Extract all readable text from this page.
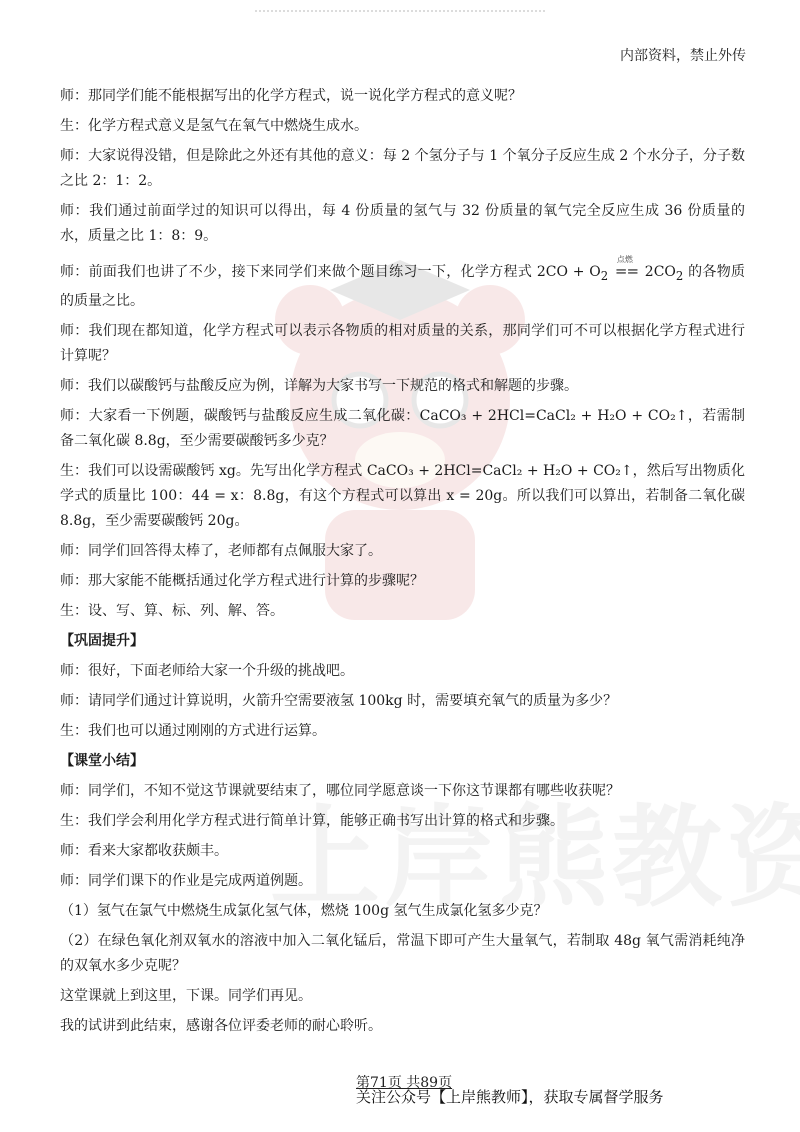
内部资料，禁止外传

师：那同学们能不能根据写出的化学方程式，说一说化学方程式的意义呢？

生：化学方程式意义是氢气在氧气中燃烧生成水。

师：大家说得没错，但是除此之外还有其他的意义：每 2 个氢分子与 1 个氧分子反应生成 2 个水分子，分子数之比 2：1：2。

师：我们通过前面学过的知识可以得出，每 4 份质量的氢气与 32 份质量的氧气完全反应生成 36 份质量的水，质量之比 1：8：9。

师：前面我们也讲了不少，接下来同学们来做个题目练习一下，化学方程式 $2CO + O_2$
点燃
== $2CO_2$ 的各物质的质量之比。

师：我们现在都知道，化学方程式可以表示各物质的相对质量的关系，那同学们可不可以根据化学方程式进行计算呢？

师：我们以碳酸钙与盐酸反应为例，详解为大家书写一下规范的格式和解题的步骤。

师：大家看一下例题，碳酸钙与盐酸反应生成二氧化碳：CaCO₃ + 2HCl=CaCl₂ + H₂O + CO₂↑，若需制备二氧化碳 8.8g，至少需要碳酸钙多少克？

生：我们可以设需碳酸钙 xg。先写出化学方程式 CaCO₃ + 2HCl=CaCl₂ + H₂O + CO₂↑，然后写出物质化学式的质量比 100：44 = x：8.8g，有这个方程式可以算出 x = 20g。所以我们可以算出，若制备二氧化碳 8.8g，至少需要碳酸钙 20g。

师：同学们回答得太棒了，老师都有点佩服大家了。

师：那大家能不能概括通过化学方程式进行计算的步骤呢？

生：设、写、算、标、列、解、答。

【巩固提升】

师：很好，下面老师给大家一个升级的挑战吧。

师：请同学们通过计算说明，火箭升空需要液氢 100kg 时，需要填充氧气的质量为多少？

生：我们也可以通过刚刚的方式进行运算。

【课堂小结】

师：同学们，不知不觉这节课就要结束了，哪位同学愿意谈一下你这节课都有哪些收获呢？

生：我们学会利用化学方程式进行简单计算，能够正确书写出计算的格式和步骤。

师：看来大家都收获颇丰。

师：同学们课下的作业是完成两道例题。

（1）氢气在氯气中燃烧生成氯化氢气体，燃烧 100g 氢气生成氯化氢多少克？

（2）在绿色氧化剂双氧水的溶液中加入二氧化锰后，常温下即可产生大量氧气，若制取 48g 氧气需消耗纯净的双氧水多少克呢？

这堂课就上到这里，下课。同学们再见。

我的试讲到此结束，感谢各位评委老师的耐心聆听。

第71页 共89页
关注公众号【上岸熊教师】，获取专属督学服务
